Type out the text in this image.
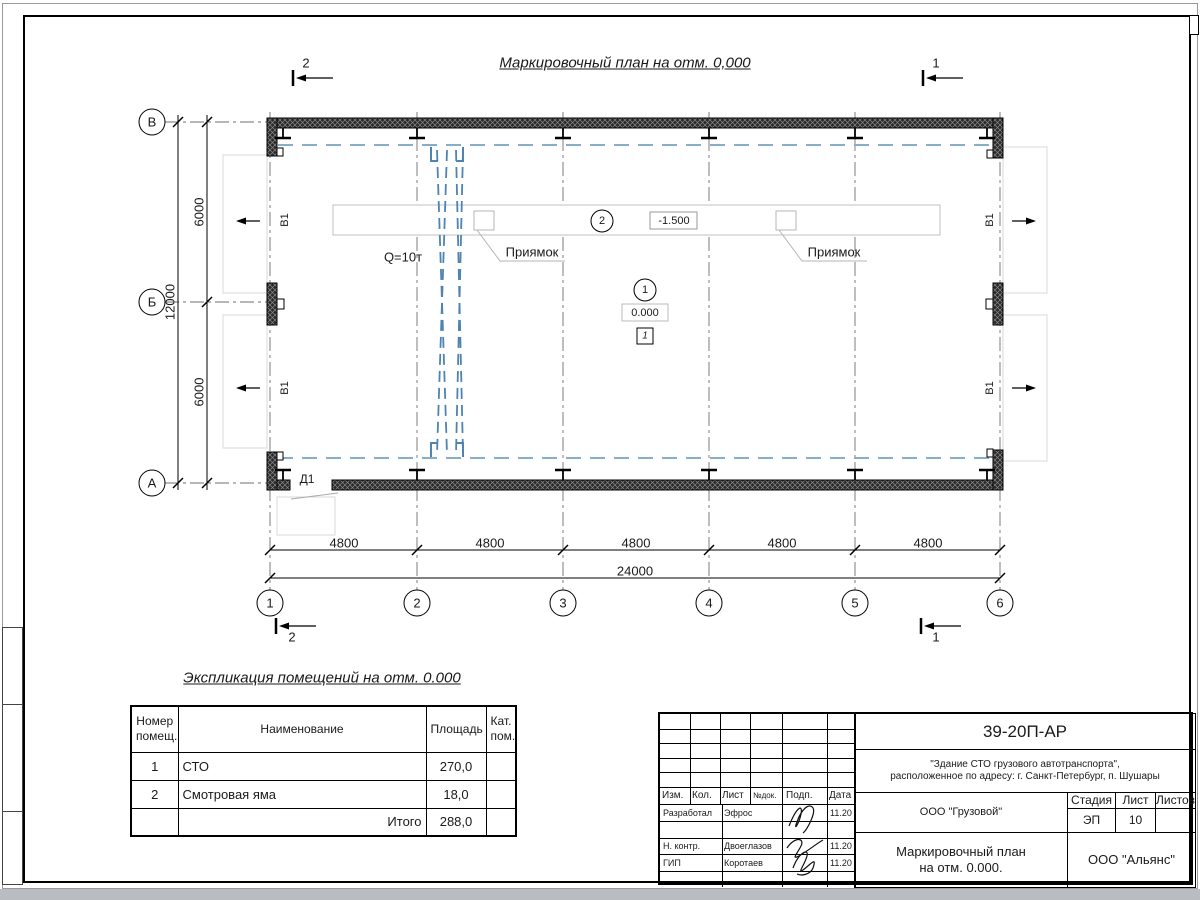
Маркировочный план на отм. 0,000
2	1
2	1
В
Б
А
1	2	3	4	5	6
4800	4800	4800	4800	4800
24000
6000
6000
12000
Q=10т	Приямок	Приямок
Д1
В1
В1
В1
В1
2
1
-1.500
0.000
1
Экспликация помещений на отм. 0.000
Номер помещ.	Наименование	Площадь	Кат. пом.
1	СТО	270,0	
2	Смотровая яма	18,0	
	Итого	288,0	
Изм. Кол.	Лист	№док. Подп.	Дата
Разработал	Эфрос	11.20
Н. контр.	Двоеглазов	11.20
ГИП	Коротаев	11.20
39-20П-АР
"Здание СТО грузового автотранспорта",
расположенное по адресу: г. Санкт-Петербург, п. Шушары
ООО "Грузовой"
Стадия Лист Листов
ЭП	10
Маркировочный план
на отм. 0.000.
ООО "Альянс"
